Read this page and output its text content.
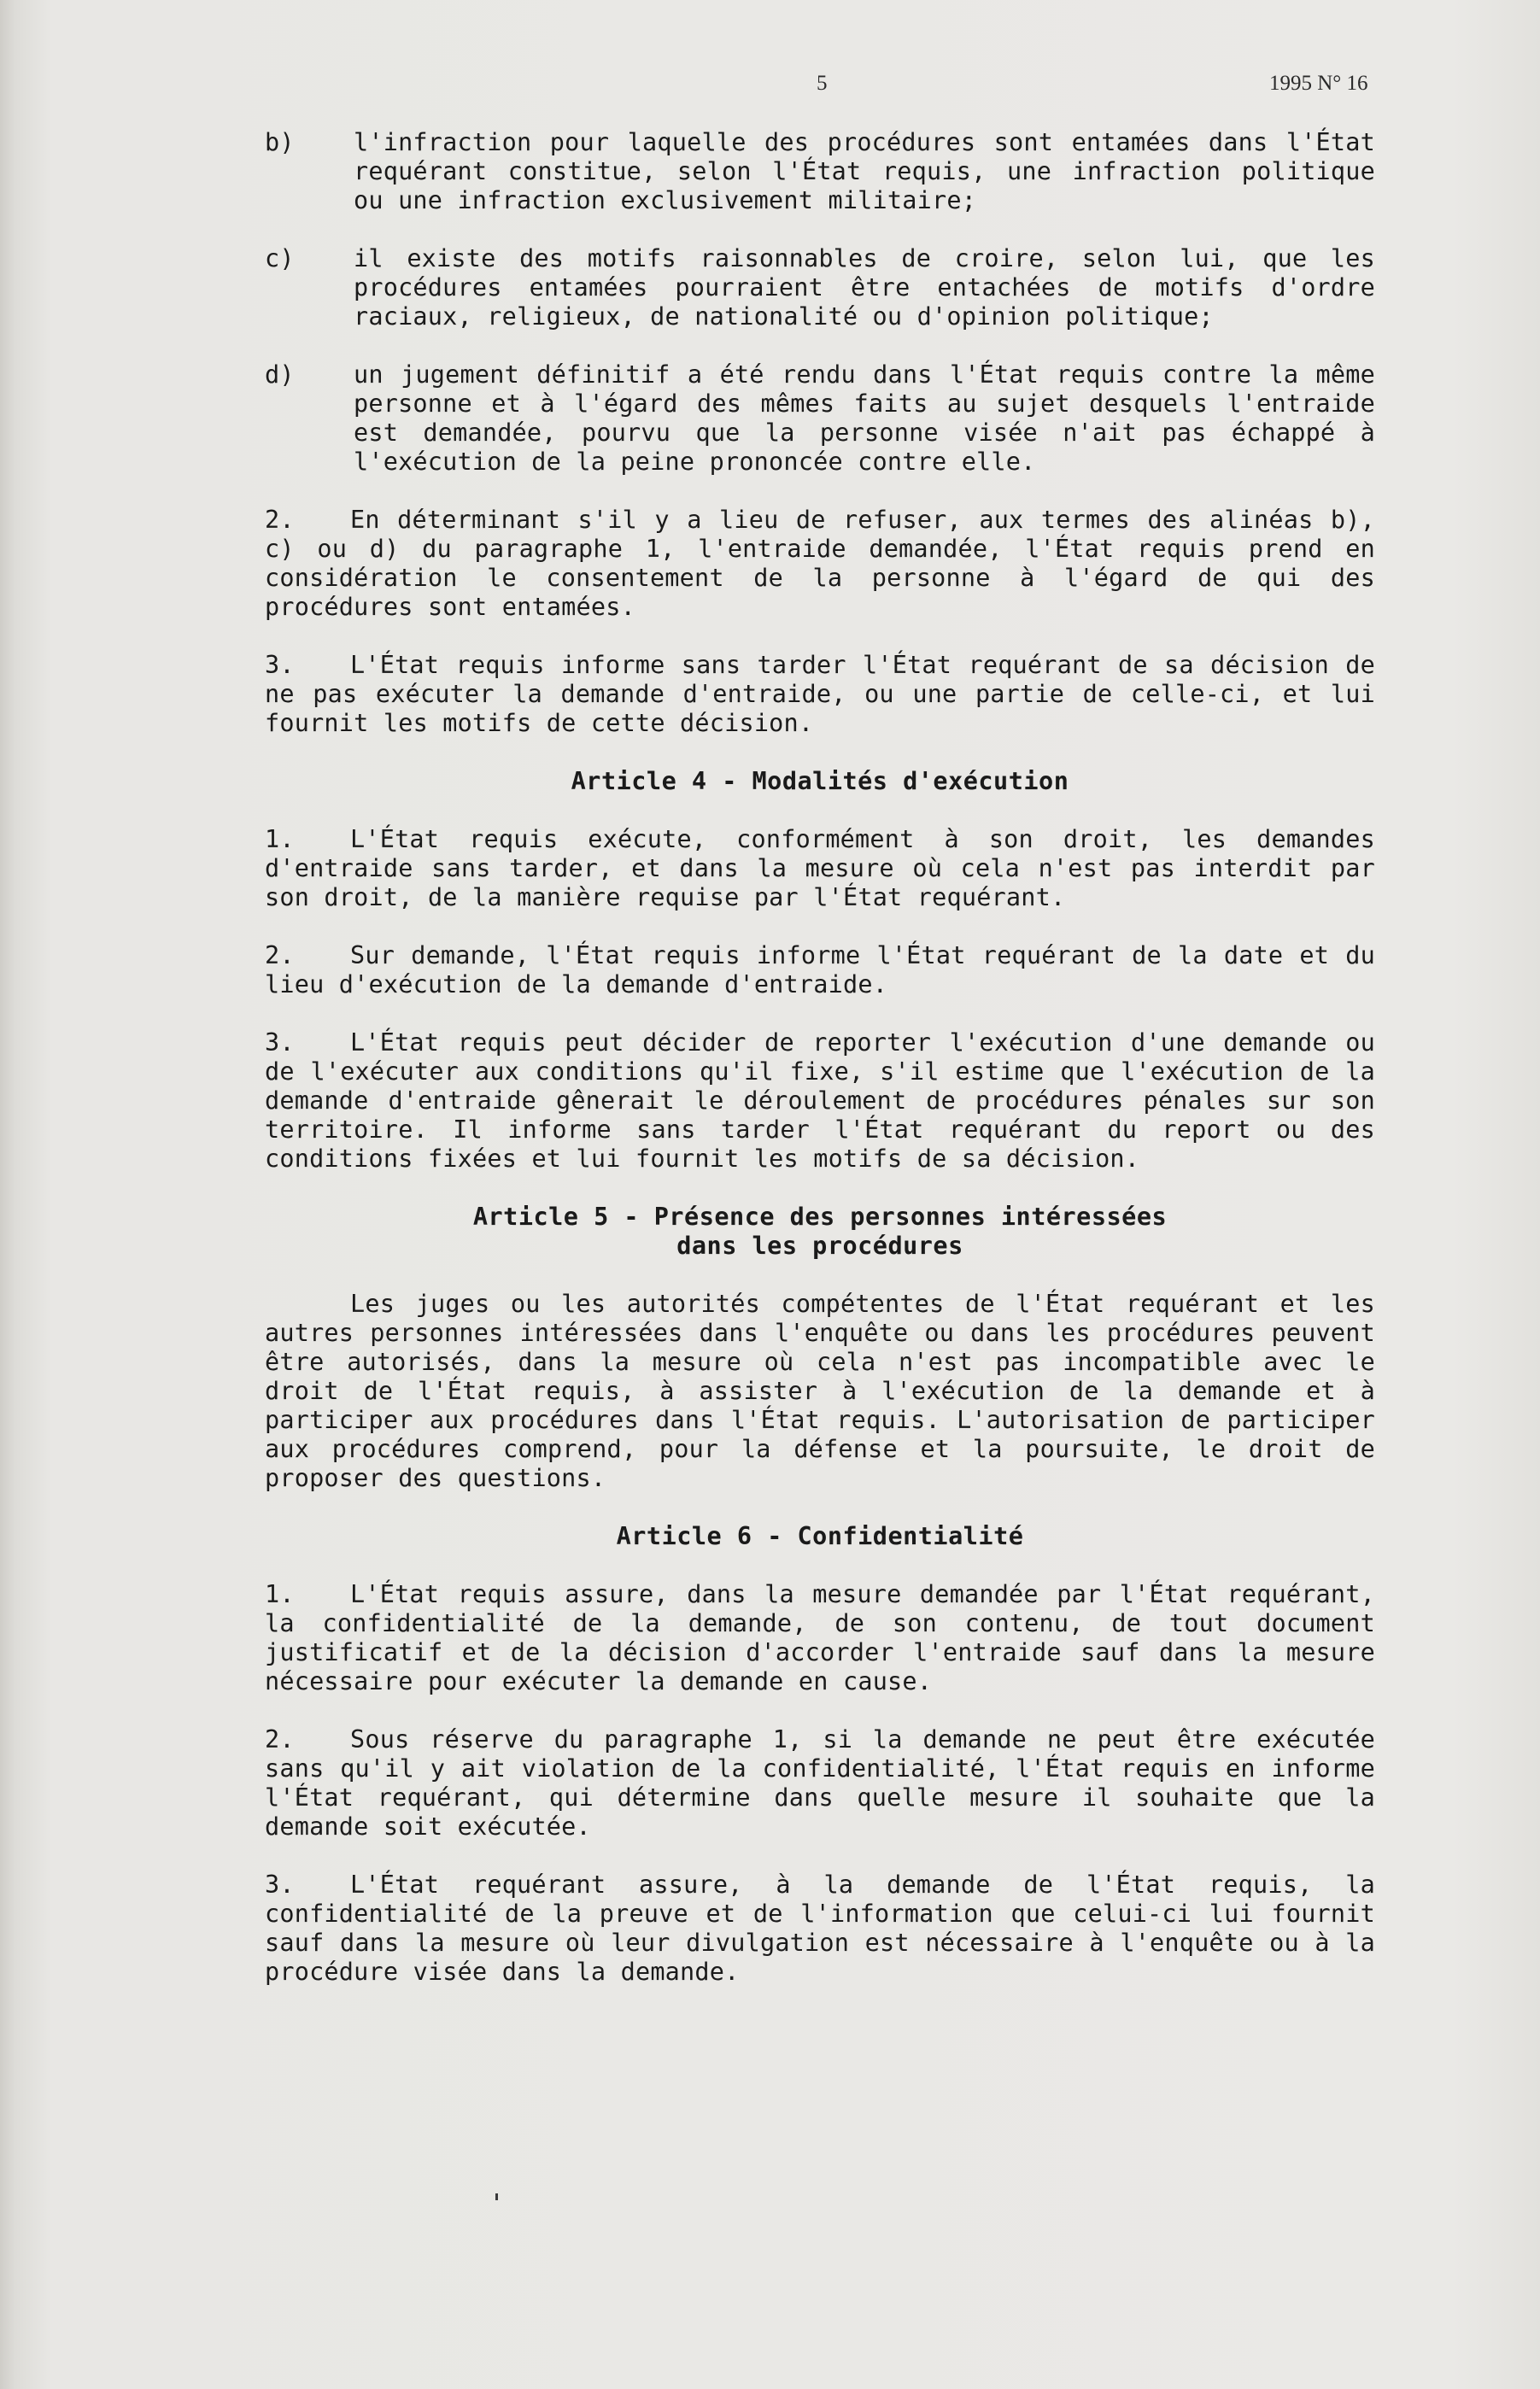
5	1995 N° 16
b)	l'infraction pour laquelle des procédures sont entamées dans l'État requérant constitue, selon l'État requis, une infraction politique ou une infraction exclusivement militaire;
c)	il existe des motifs raisonnables de croire, selon lui, que les procédures entamées pourraient être entachées de motifs d'ordre raciaux, religieux, de nationalité ou d'opinion politique;
d)	un jugement définitif a été rendu dans l'État requis contre la même personne et à l'égard des mêmes faits au sujet desquels l'entraide est demandée, pourvu que la personne visée n'ait pas échappé à l'exécution de la peine prononcée contre elle.

2. En déterminant s'il y a lieu de refuser, aux termes des alinéas b), c) ou d) du paragraphe 1, l'entraide demandée, l'État requis prend en considération le consentement de la personne à l'égard de qui des procédures sont entamées.

3. L'État requis informe sans tarder l'État requérant de sa décision de ne pas exécuter la demande d'entraide, ou une partie de celle-ci, et lui fournit les motifs de cette décision.

Article 4 - Modalités d'exécution

1. L'État requis exécute, conformément à son droit, les demandes d'entraide sans tarder, et dans la mesure où cela n'est pas interdit par son droit, de la manière requise par l'État requérant.

2. Sur demande, l'État requis informe l'État requérant de la date et du lieu d'exécution de la demande d'entraide.

3. L'État requis peut décider de reporter l'exécution d'une demande ou de l'exécuter aux conditions qu'il fixe, s'il estime que l'exécution de la demande d'entraide gênerait le déroulement de procédures pénales sur son territoire. Il informe sans tarder l'État requérant du report ou des conditions fixées et lui fournit les motifs de sa décision.

Article 5 - Présence des personnes intéressées
dans les procédures

Les juges ou les autorités compétentes de l'État requérant et les autres personnes intéressées dans l'enquête ou dans les procédures peuvent être autorisés, dans la mesure où cela n'est pas incompatible avec le droit de l'État requis, à assister à l'exécution de la demande et à participer aux procédures dans l'État requis. L'autorisation de participer aux procédures comprend, pour la défense et la poursuite, le droit de proposer des questions.

Article 6 - Confidentialité

1. L'État requis assure, dans la mesure demandée par l'État requérant, la confidentialité de la demande, de son contenu, de tout document justificatif et de la décision d'accorder l'entraide sauf dans la mesure nécessaire pour exécuter la demande en cause.

2. Sous réserve du paragraphe 1, si la demande ne peut être exécutée sans qu'il y ait violation de la confidentialité, l'État requis en informe l'État requérant, qui détermine dans quelle mesure il souhaite que la demande soit exécutée.

3. L'État requérant assure, à la demande de l'État requis, la confidentialité de la preuve et de l'information que celui-ci lui fournit sauf dans la mesure où leur divulgation est nécessaire à l'enquête ou à la procédure visée dans la demande.
